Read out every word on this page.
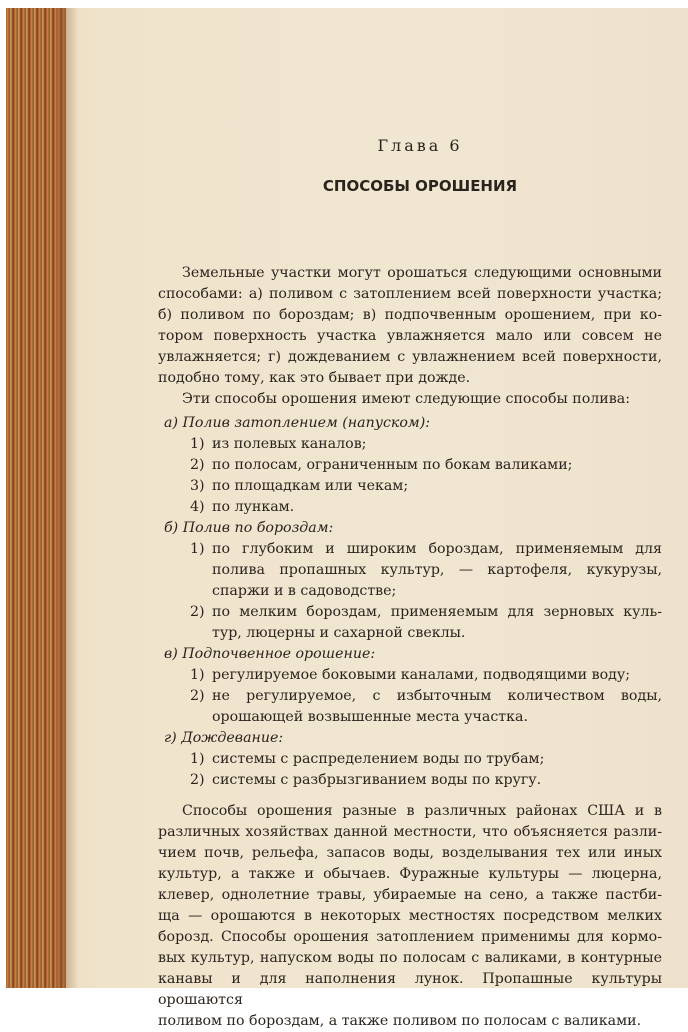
Глава 6
СПОСОБЫ ОРОШЕНИЯ
Земельные участки могут орошаться следующими основными
способами: а) поливом с затоплением всей поверхности участка;
б) поливом по бороздам; в) подпочвенным орошением, при ко-
тором поверхность участка увлажняется мало или совсем не
увлажняется; г) дождеванием с увлажнением всей поверхности,
подобно тому, как это бывает при дожде.
Эти способы орошения имеют следующие способы полива:
а) Полив затоплением (напуском):
1) из полевых каналов;
2) по полосам, ограниченным по бокам валиками;
3) по площадкам или чекам;
4) по лункам.
б) Полив по бороздам:
1) по глубоким и широким бороздам, применяемым для полива пропашных культур, — картофеля, кукурузы, спаржи и в садоводстве;
2) по мелким бороздам, применяемым для зерновых куль-тур, люцерны и сахарной свеклы.
в) Подпочвенное орошение:
1) регулируемое боковыми каналами, подводящими воду;
2) не регулируемое, с избыточным количеством воды, орошающей возвышенные места участка.
г) Дождевание:
1) системы с распределением воды по трубам;
2) системы с разбрызгиванием воды по кругу.
Способы орошения разные в различных районах США и в
различных хозяйствах данной местности, что объясняется разли-
чием почв, рельефа, запасов воды, возделывания тех или иных
культур, а также и обычаев. Фуражные культуры — люцерна,
клевер, однолетние травы, убираемые на сено, а также пастби-
ща — орошаются в некоторых местностях посредством мелких
борозд. Способы орошения затоплением применимы для кормо-
вых культур, напуском воды по полосам с валиками, в контурные
канавы и для наполнения лунок. Пропашные культуры орошаются
поливом по бороздам, а также поливом по полосам с валиками.
